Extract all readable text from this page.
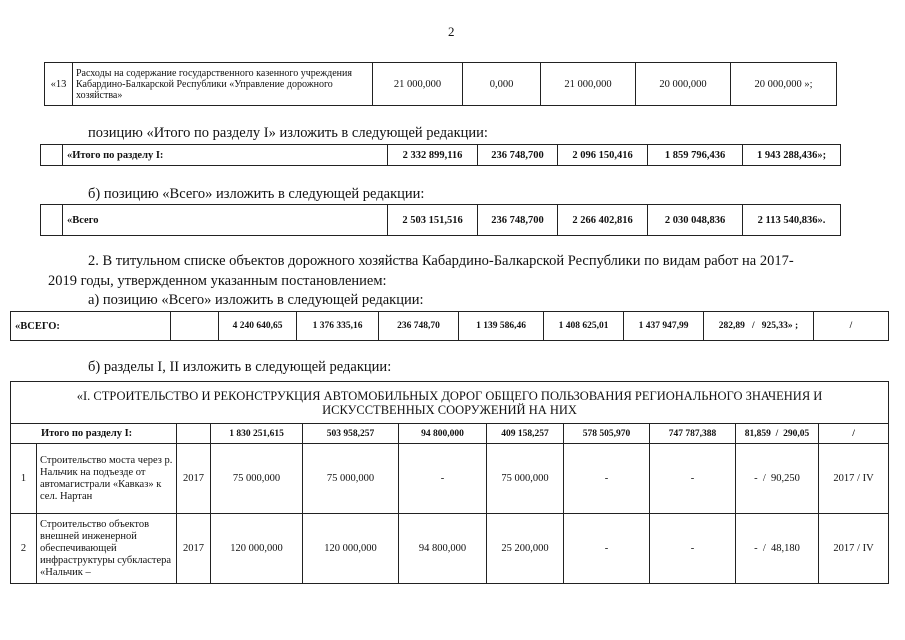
2
«13	Расходы на содержание государственного казенного учреждения Кабардино-Балкарской Республики «Управление дорожного хозяйства»	21 000,000	0,000	21 000,000	20 000,000	20 000,000 »;
позицию «Итого по разделу I» изложить в следующей редакции:
	«Итого по разделу I:	2 332 899,116	236 748,700	2 096 150,416	1 859 796,436	1 943 288,436»;
б) позицию «Всего» изложить в следующей редакции:
	«Всего	2 503 151,516	236 748,700	2 266 402,816	2 030 048,836	2 113 540,836».
2. В титульном списке объектов дорожного хозяйства Кабардино-Балкарской Республики по видам работ на 2017-
2019 годы, утвержденном указанным постановлением:
а) позицию «Всего» изложить в следующей редакции:
«ВСЕГО:		4 240 640,65	1 376 335,16	236 748,70	1 139 586,46	1 408 625,01	1 437 947,99	282,89 / 925,33» ;	/
б) разделы I, II изложить в следующей редакции:
«I. СТРОИТЕЛЬСТВО И РЕКОНСТРУКЦИЯ АВТОМОБИЛЬНЫХ ДОРОГ ОБЩЕГО ПОЛЬЗОВАНИЯ РЕГИОНАЛЬНОГО ЗНАЧЕНИЯ И
ИСКУССТВЕННЫХ СООРУЖЕНИЙ НА НИХ										

Итого по разделу I:			1 830 251,615	503 958,257	94 800,000	409 158,257	578 505,970	747 787,388	81,859 / 290,05	/
1	Строительство моста через р. Нальчик на подъезде от автомагистрали «Кавказ» к сел. Нартан	2017	75 000,000	75 000,000	-	75 000,000	-	-	- / 90,250	2017 / IV
2	Строительство объектов внешней инженерной обеспечивающей инфраструктуры субкластера «Нальчик –	2017	120 000,000	120 000,000	94 800,000	25 200,000	-	-	- / 48,180	2017 / IV
